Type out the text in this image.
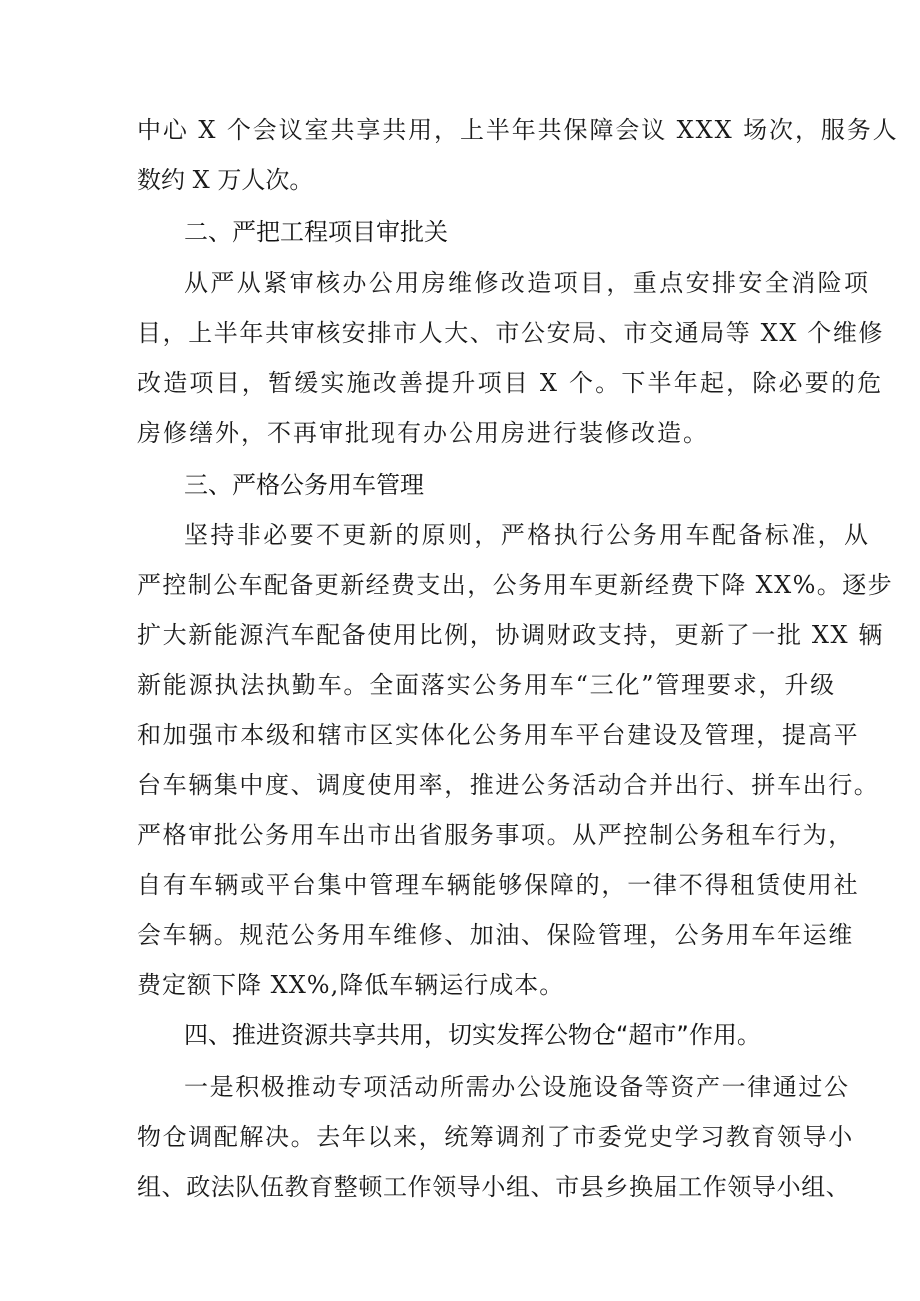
中心 X 个会议室共享共用，上半年共保障会议 XXX 场次，服务人
数约 X 万人次。
二、严把工程项目审批关
从严从紧审核办公用房维修改造项目，重点安排安全消险项
目，上半年共审核安排市人大、市公安局、市交通局等 XX 个维修
改造项目，暂缓实施改善提升项目 X 个。下半年起，除必要的危
房修缮外，不再审批现有办公用房进行装修改造。
三、严格公务用车管理
坚持非必要不更新的原则，严格执行公务用车配备标准，从
严控制公车配备更新经费支出，公务用车更新经费下降 XX%。逐步
扩大新能源汽车配备使用比例，协调财政支持，更新了一批 XX 辆
新能源执法执勤车。全面落实公务用车“三化”管理要求，升级
和加强市本级和辖市区实体化公务用车平台建设及管理，提高平
台车辆集中度、调度使用率，推进公务活动合并出行、拼车出行。
严格审批公务用车出市出省服务事项。从严控制公务租车行为，
自有车辆或平台集中管理车辆能够保障的，一律不得租赁使用社
会车辆。规范公务用车维修、加油、保险管理，公务用车年运维
费定额下降 XX%,降低车辆运行成本。
四、推进资源共享共用，切实发挥公物仓“超市”作用。
一是积极推动专项活动所需办公设施设备等资产一律通过公
物仓调配解决。去年以来，统筹调剂了市委党史学习教育领导小
组、政法队伍教育整顿工作领导小组、市县乡换届工作领导小组、
